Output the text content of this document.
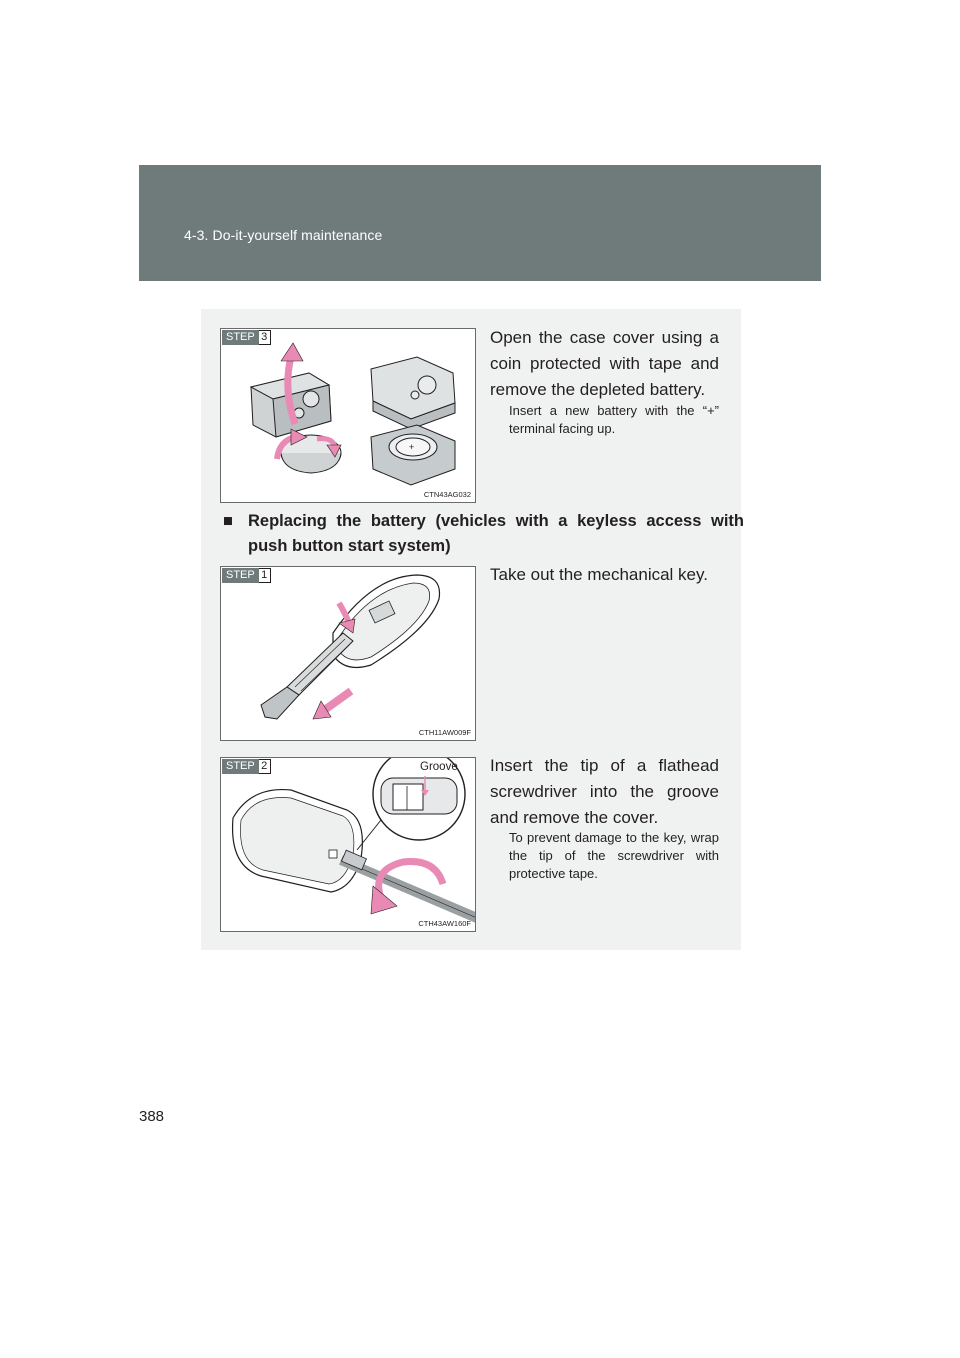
4-3. Do-it-yourself maintenance
+
STEP 3
CTN43AG032
Open the case cover using a coin protected with tape and remove the depleted battery.
Insert a new battery with the “+” terminal facing up.
■ Replacing the battery (vehicles with a keyless access with push button start system)
STEP 1
CTH11AW009F
Take out the mechanical key.
Groove
STEP 2
CTH43AW160F
Insert the tip of a flathead screwdriver into the groove and remove the cover.
To prevent damage to the key, wrap the tip of the screwdriver with protective tape.
388
